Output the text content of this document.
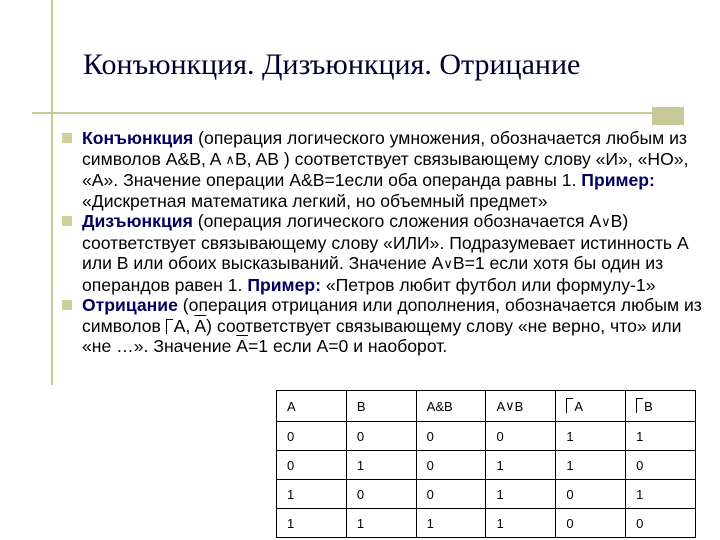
Конъюнкция. Дизъюнкция. Отрицание
Конъюнкция (операция логического умножения, обозначается любым из символов A&B, A ∧B, AB ) соответствует связывающему слову «И», «НО», «А». Значение операции A&B=1если оба операнда равны 1. Пример: «Дискретная математика легкий, но объемный предмет»
Дизъюнкция (операция логического сложения обозначается A∨B) соответствует связывающему слову «ИЛИ». Подразумевает истинность A или B или обоих высказываний. Значение A∨B=1 если хотя бы один из операндов равен 1. Пример: «Петров любит футбол или формулу-1»
Отрицание (операция отрицания или дополнения, обозначается любым из символов A, $\overline{A}$) соответствует связывающему слову «не верно, что» или «не …». Значение $\overline{A}=1$ если A=0 и наоборот.
A	B	A&B	A∨B	A	B
0	0	0	0	1	1
0	1	0	1	1	0
1	0	0	1	0	1
1	1	1	1	0	0
